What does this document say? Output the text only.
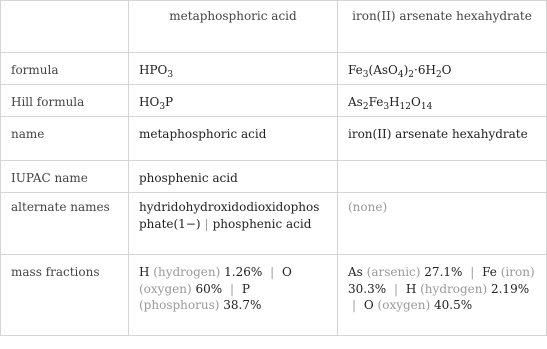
	metaphosphoric acid	iron(II) arsenate hexahydrate

formula	$HPO_3$	$Fe_3(AsO_4)_2\cdot 6H_2O$

Hill formula	$HO_3P$	$As_2Fe_3H_{12}O_{14}$

name	metaphosphoric acid	iron(II) arsenate hexahydrate

IUPAC name	phosphenic acid	

alternate names	hydridohydroxidodioxidophosphate(1−) | phosphenic acid	(none)

mass fractions	H (hydrogen) 1.26% | O (oxygen) 60% | P (phosphorus) 38.7%	As (arsenic) 27.1% | Fe (iron) 30.3% | H (hydrogen) 2.19% | O (oxygen) 40.5%
